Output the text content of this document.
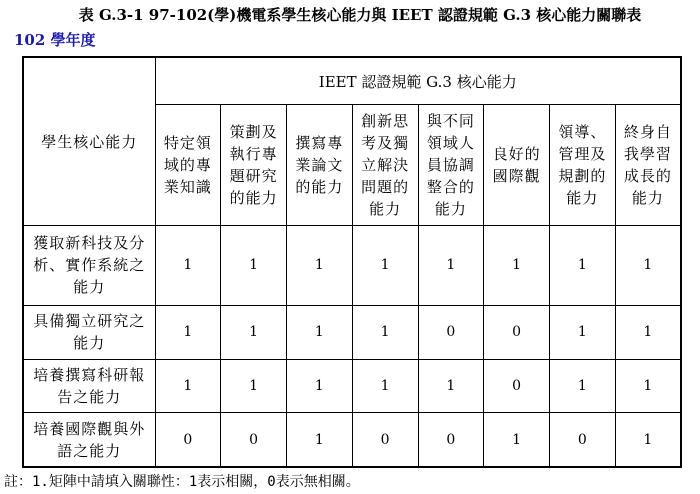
表 G.3-1 97-102(學)機電系學生核心能力與 IEET 認證規範 G.3 核心能力關聯表
102 學年度
學生核心能力	IEET 認證規範 G.3 核心能力							

	特定領
域的專
業知識	策劃及
執行專
題研究
的能力	撰寫專
業論文
的能力	創新思
考及獨
立解決
問題的
能力	與不同
領域人
員協調
整合的
能力	良好的
國際觀	領導、
管理及
規劃的
能力	終身自
我學習
成長的
能力

獲取新科技及分
析、實作系統之
能力	1	1	1	1	1	1	1	1

具備獨立研究之
能力	1	1	1	1	0	0	1	1

培養撰寫科研報
告之能力	1	1	1	1	1	0	1	1

培養國際觀與外
語之能力	0	0	1	0	0	1	0	1
註：1.矩陣中請填入關聯性：1表示相關，0表示無相關。
